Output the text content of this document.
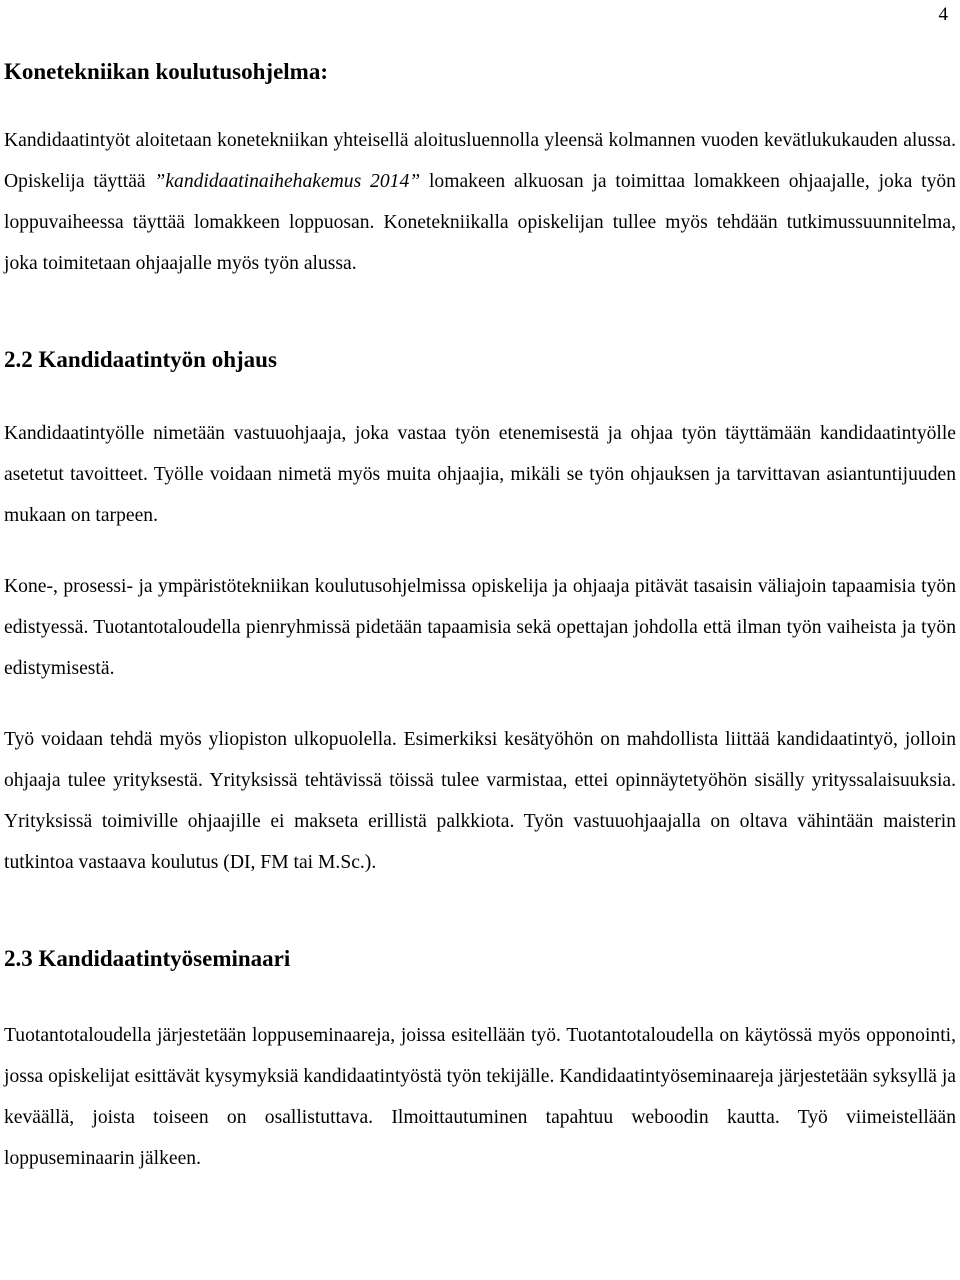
4
Konetekniikan koulutusohjelma:

Kandidaatintyöt aloitetaan konetekniikan yhteisellä aloitusluennolla yleensä kolmannen vuoden kevätlukukauden alussa. Opiskelija täyttää ”kandidaatinaihehakemus 2014” lomakeen alkuosan ja toimittaa lomakkeen ohjaajalle, joka työn loppuvaiheessa täyttää lomakkeen loppuosan. Konetekniikalla opiskelijan tullee myös tehdään tutkimussuunnitelma, joka toimitetaan ohjaajalle myös työn alussa.

2.2 Kandidaatintyön ohjaus

Kandidaatintyölle nimetään vastuuohjaaja, joka vastaa työn etenemisestä ja ohjaa työn täyttämään kandidaatintyölle asetetut tavoitteet. Työlle voidaan nimetä myös muita ohjaajia, mikäli se työn ohjauksen ja tarvittavan asiantuntijuuden mukaan on tarpeen.

Kone-, prosessi- ja ympäristötekniikan koulutusohjelmissa opiskelija ja ohjaaja pitävät tasaisin väliajoin tapaamisia työn edistyessä. Tuotantotaloudella pienryhmissä pidetään tapaamisia sekä opettajan johdolla että ilman työn vaiheista ja työn edistymisestä.

Työ voidaan tehdä myös yliopiston ulkopuolella. Esimerkiksi kesätyöhön on mahdollista liittää kandidaatintyö, jolloin ohjaaja tulee yrityksestä. Yrityksissä tehtävissä töissä tulee varmistaa, ettei opinnäytetyöhön sisälly yrityssalaisuuksia. Yrityksissä toimiville ohjaajille ei makseta erillistä palkkiota. Työn vastuuohjaajalla on oltava vähintään maisterin tutkintoa vastaava koulutus (DI, FM tai M.Sc.).

2.3 Kandidaatintyöseminaari

Tuotantotaloudella järjestetään loppuseminaareja, joissa esitellään työ. Tuotantotaloudella on käytössä myös opponointi, jossa opiskelijat esittävät kysymyksiä kandidaatintyöstä työn tekijälle. Kandidaatintyöseminaareja järjestetään syksyllä ja keväällä, joista toiseen on osallistuttava. Ilmoittautuminen tapahtuu weboodin kautta. Työ viimeistellään loppuseminaarin jälkeen.
